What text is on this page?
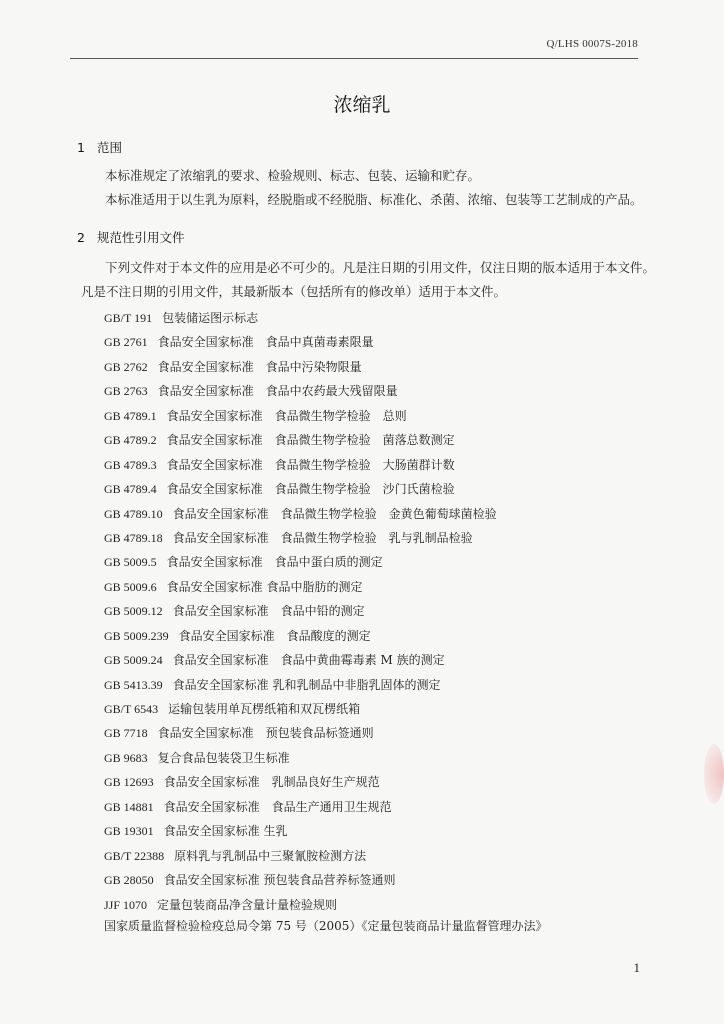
Q/LHS 0007S-2018
浓缩乳
1 范围
本标准规定了浓缩乳的要求、检验规则、标志、包装、运输和贮存。
本标准适用于以生乳为原料，经脱脂或不经脱脂、标准化、杀菌、浓缩、包装等工艺制成的产品。
2 规范性引用文件
下列文件对于本文件的应用是必不可少的。凡是注日期的引用文件，仅注日期的版本适用于本文件。凡是不注日期的引用文件，其最新版本（包括所有的修改单）适用于本文件。
GB/T 191 包装储运图示标志
GB 2761 食品安全国家标准　食品中真菌毒素限量
GB 2762 食品安全国家标准　食品中污染物限量
GB 2763 食品安全国家标准　食品中农药最大残留限量
GB 4789.1 食品安全国家标准　食品微生物学检验　总则
GB 4789.2 食品安全国家标准　食品微生物学检验　菌落总数测定
GB 4789.3 食品安全国家标准　食品微生物学检验　大肠菌群计数
GB 4789.4 食品安全国家标准　食品微生物学检验　沙门氏菌检验
GB 4789.10 食品安全国家标准　食品微生物学检验　金黄色葡萄球菌检验
GB 4789.18 食品安全国家标准　食品微生物学检验　乳与乳制品检验
GB 5009.5 食品安全国家标准　食品中蛋白质的测定
GB 5009.6 食品安全国家标准 食品中脂肪的测定
GB 5009.12 食品安全国家标准　食品中铅的测定
GB 5009.239 食品安全国家标准　食品酸度的测定
GB 5009.24 食品安全国家标准　食品中黄曲霉毒素 M 族的测定
GB 5413.39 食品安全国家标准 乳和乳制品中非脂乳固体的测定
GB/T 6543 运输包装用单瓦楞纸箱和双瓦楞纸箱
GB 7718 食品安全国家标准　预包装食品标签通则
GB 9683 复合食品包装袋卫生标准
GB 12693 食品安全国家标准　乳制品良好生产规范
GB 14881 食品安全国家标准　食品生产通用卫生规范
GB 19301 食品安全国家标准 生乳
GB/T 22388 原料乳与乳制品中三聚氰胺检测方法
GB 28050 食品安全国家标准 预包装食品营养标签通则
JJF 1070 定量包装商品净含量计量检验规则
国家质量监督检验检疫总局令第 75 号（2005）《定量包装商品计量监督管理办法》
1
